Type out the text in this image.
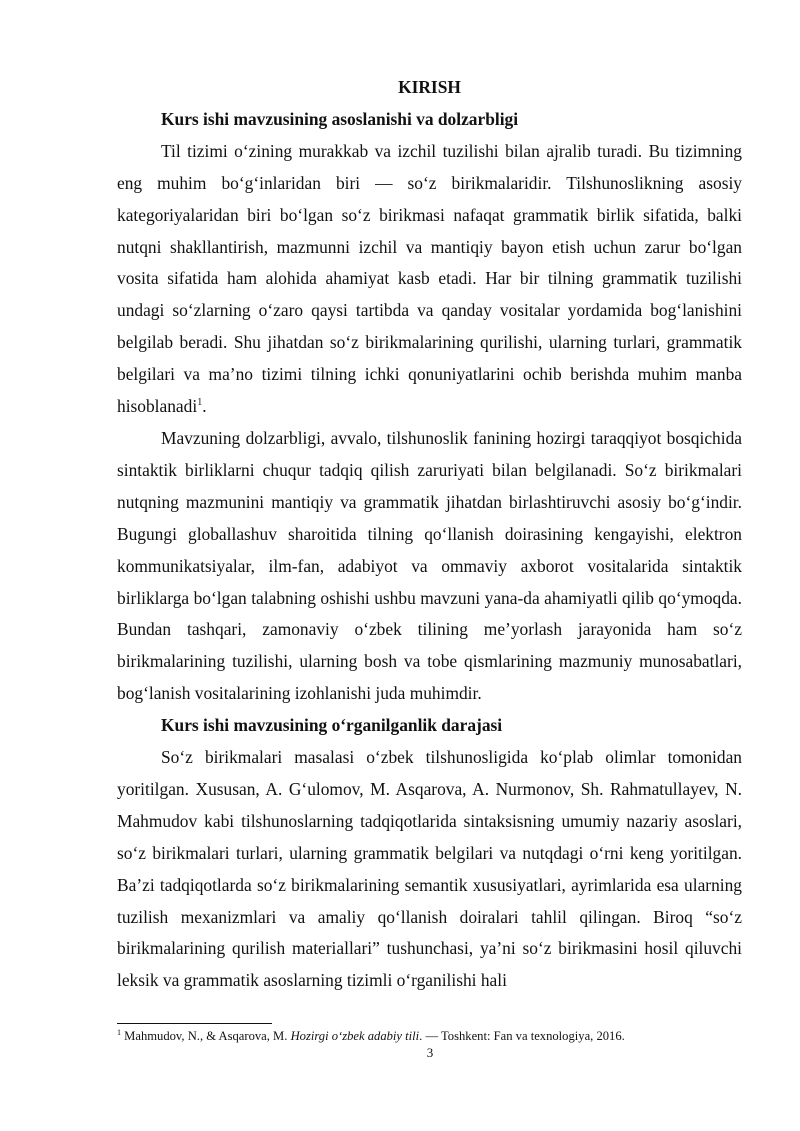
KIRISH

Kurs ishi mavzusining asoslanishi va dolzarbligi

Til tizimi oʻzining murakkab va izchil tuzilishi bilan ajralib turadi. Bu tizimning eng muhim boʻgʻinlaridan biri — soʻz birikmalaridir. Tilshunoslikning asosiy kategoriyalaridan biri boʻlgan soʻz birikmasi nafaqat grammatik birlik sifatida, balki nutqni shakllantirish, mazmunni izchil va mantiqiy bayon etish uchun zarur boʻlgan vosita sifatida ham alohida ahamiyat kasb etadi. Har bir tilning grammatik tuzilishi undagi soʻzlarning oʻzaro qaysi tartibda va qanday vositalar yordamida bogʻlanishini belgilab beradi. Shu jihatdan soʻz birikmalarining qurilishi, ularning turlari, grammatik belgilari va maʼno tizimi tilning ichki qonuniyatlarini ochib berishda muhim manba hisoblanadi$^1$.

Mavzuning dolzarbligi, avvalo, tilshunoslik fanining hozirgi taraqqiyot bosqichida sintaktik birliklarni chuqur tadqiq qilish zaruriyati bilan belgilanadi. Soʻz birikmalari nutqning mazmunini mantiqiy va grammatik jihatdan birlashtiruvchi asosiy boʻgʻindir. Bugungi globallashuv sharoitida tilning qoʻllanish doirasining kengayishi, elektron kommunikatsiyalar, ilm-fan, adabiyot va ommaviy axborot vositalarida sintaktik birliklarga boʻlgan talabning oshishi ushbu mavzuni yana-da ahamiyatli qilib qoʻymoqda. Bundan tashqari, zamonaviy oʻzbek tilining meʼyorlash jarayonida ham soʻz birikmalarining tuzilishi, ularning bosh va tobe qismlarining mazmuniy munosabatlari, bogʻlanish vositalarining izohlanishi juda muhimdir.

Kurs ishi mavzusining oʻrganilganlik darajasi

Soʻz birikmalari masalasi oʻzbek tilshunosligida koʻplab olimlar tomonidan yoritilgan. Xususan, A. Gʻulomov, M. Asqarova, A. Nurmonov, Sh. Rahmatullayev, N. Mahmudov kabi tilshunoslarning tadqiqotlarida sintaksisning umumiy nazariy asoslari, soʻz birikmalari turlari, ularning grammatik belgilari va nutqdagi oʻrni keng yoritilgan. Baʼzi tadqiqotlarda soʻz birikmalarining semantik xususiyatlari, ayrimlarida esa ularning tuzilish mexanizmlari va amaliy qoʻllanish doiralari tahlil qilingan. Biroq “soʻz birikmalarining qurilish materiallari” tushunchasi, yaʼni soʻz birikmasini hosil qiluvchi leksik va grammatik asoslarning tizimli oʻrganilishi hali

$^1$ Mahmudov, N., & Asqarova, M. Hozirgi oʻzbek adabiy tili. — Toshkent: Fan va texnologiya, 2016.
3
